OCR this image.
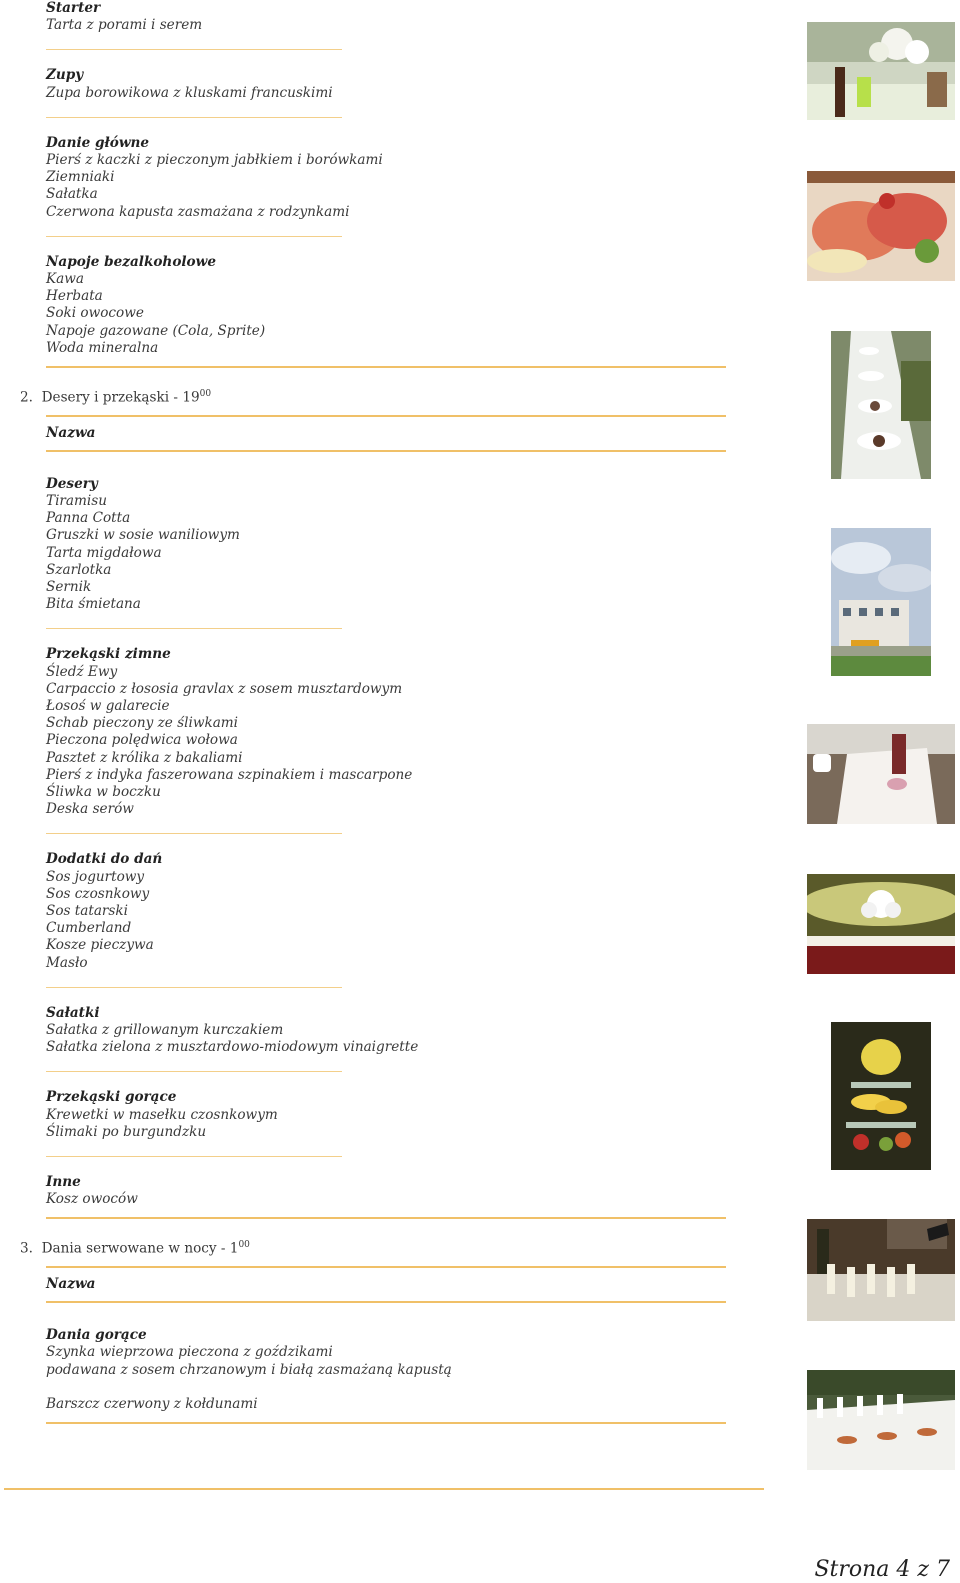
Starter
Tarta z porami i serem
Zupy
Zupa borowikowa z kluskami francuskimi
Danie główne
Pierś z kaczki z pieczonym jabłkiem i borówkami
Ziemniaki
Sałatka
Czerwona kapusta zasmażana z rodzynkami
Napoje bezalkoholowe
Kawa
Herbata
Soki owocowe
Napoje gazowane (Cola, Sprite)
Woda mineralna
2. Desery i przekąski - $19^{00}$
Nazwa
Desery
Tiramisu
Panna Cotta
Gruszki w sosie waniliowym
Tarta migdałowa
Szarlotka
Sernik
Bita śmietana
Przekąski zimne
Śledź Ewy
Carpaccio z łososia gravlax z sosem musztardowym
Łosoś w galarecie
Schab pieczony ze śliwkami
Pieczona polędwica wołowa
Pasztet z królika z bakaliami
Pierś z indyka faszerowana szpinakiem i mascarpone
Śliwka w boczku
Deska serów
Dodatki do dań
Sos jogurtowy
Sos czosnkowy
Sos tatarski
Cumberland
Kosze pieczywa
Masło
Sałatki
Sałatka z grillowanym kurczakiem
Sałatka zielona z musztardowo-miodowym vinaigrette
Przekąski gorące
Krewetki w masełku czosnkowym
Ślimaki po burgundzku
Inne
Kosz owoców
3. Dania serwowane w nocy - $1^{00}$
Nazwa
Dania gorące
Szynka wieprzowa pieczona z goździkami
podawana z sosem chrzanowym i białą zasmażaną kapustą
Barszcz czerwony z kołdunami
Strona 4 z 7
